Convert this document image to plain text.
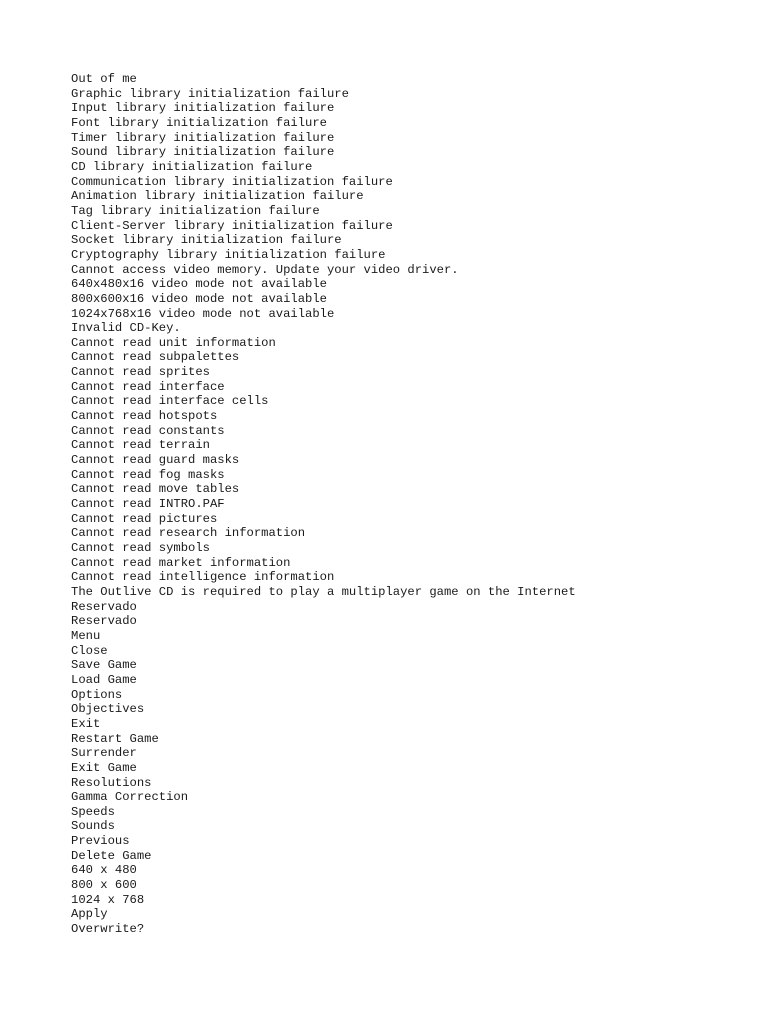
Out of me
Graphic library initialization failure
Input library initialization failure
Font library initialization failure
Timer library initialization failure
Sound library initialization failure
CD library initialization failure
Communication library initialization failure
Animation library initialization failure
Tag library initialization failure
Client-Server library initialization failure
Socket library initialization failure
Cryptography library initialization failure
Cannot access video memory. Update your video driver.
640x480x16 video mode not available
800x600x16 video mode not available
1024x768x16 video mode not available
Invalid CD-Key.
Cannot read unit information
Cannot read subpalettes
Cannot read sprites
Cannot read interface
Cannot read interface cells
Cannot read hotspots
Cannot read constants
Cannot read terrain
Cannot read guard masks
Cannot read fog masks
Cannot read move tables
Cannot read INTRO.PAF
Cannot read pictures
Cannot read research information
Cannot read symbols
Cannot read market information
Cannot read intelligence information
The Outlive CD is required to play a multiplayer game on the Internet
Reservado
Reservado
Menu
Close
Save Game
Load Game
Options
Objectives
Exit
Restart Game
Surrender
Exit Game
Resolutions
Gamma Correction
Speeds
Sounds
Previous
Delete Game
640 x 480
800 x 600
1024 x 768
Apply
Overwrite?
